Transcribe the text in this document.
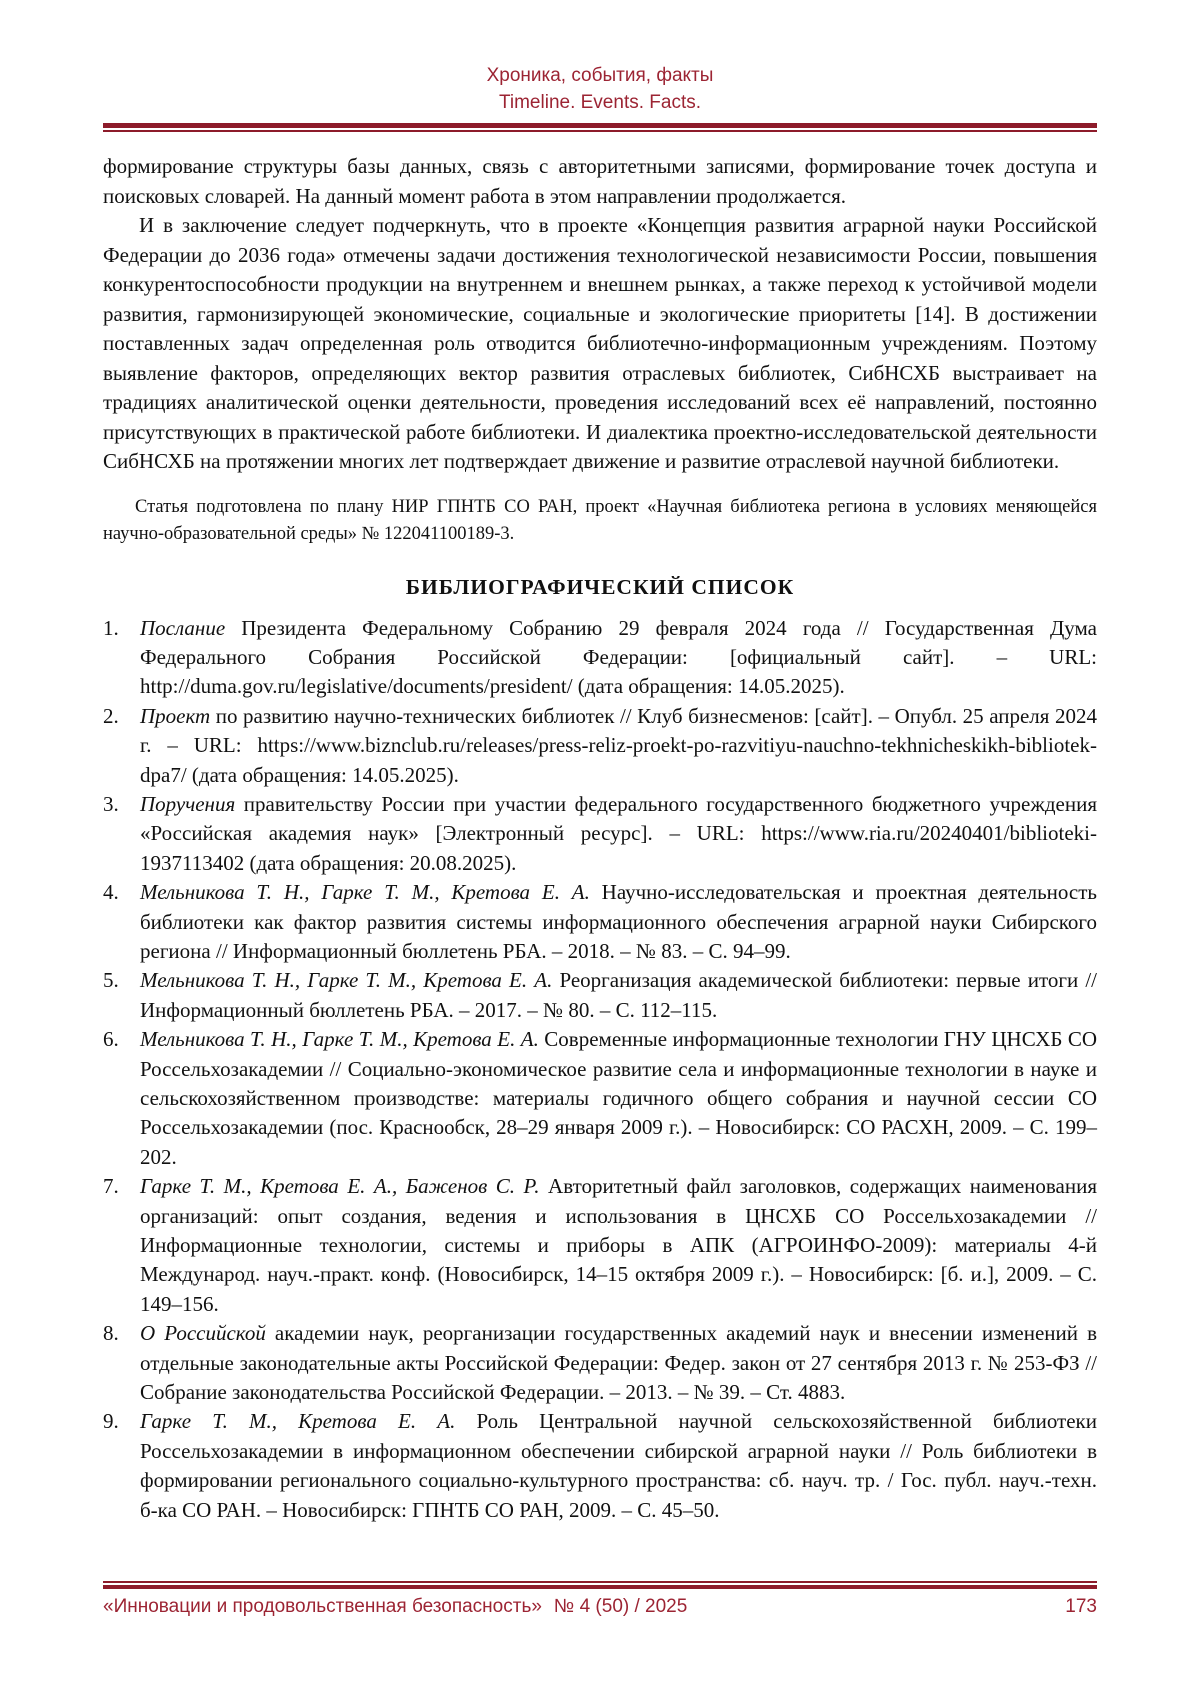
Хроника, события, факты
Timeline. Events. Facts.

формирование структуры базы данных, связь с авторитетными записями, формирование точек доступа и поисковых словарей. На данный момент работа в этом направлении продолжается.

И в заключение следует подчеркнуть, что в проекте «Концепция развития аграрной науки Российской Федерации до 2036 года» отмечены задачи достижения технологической независимости России, повышения конкурентоспособности продукции на внутреннем и внешнем рынках, а также переход к устойчивой модели развития, гармонизирующей экономические, социальные и экологические приоритеты [14]. В достижении поставленных задач определенная роль отводится библиотечно-информационным учреждениям. Поэтому выявление факторов, определяющих вектор развития отраслевых библиотек, СибНСХБ выстраивает на традициях аналитической оценки деятельности, проведения исследований всех её направлений, постоянно присутствующих в практической работе библиотеки. И диалектика проектно-исследовательской деятельности СибНСХБ на протяжении многих лет подтверждает движение и развитие отраслевой научной библиотеки.

Статья подготовлена по плану НИР ГПНТБ СО РАН, проект «Научная библиотека региона в условиях меняющейся научно-образовательной среды» № 122041100189-3.

БИБЛИОГРАФИЧЕСКИЙ СПИСОК
1.	Послание Президента Федеральному Собранию 29 февраля 2024 года // Государственная Дума Федерального Собрания Российской Федерации: [официальный сайт]. – URL: http://duma.gov.ru/legislative/documents/president/ (дата обращения: 14.05.2025).
2.	Проект по развитию научно-технических библиотек // Клуб бизнесменов: [сайт]. – Опубл. 25 апреля 2024 г. – URL: https://www.biznclub.ru/releases/press-reliz-proekt-po-razvitiyu-nauchno-tekhnicheskikh-bibliotek-dpa7/ (дата обращения: 14.05.2025).
3.	Поручения правительству России при участии федерального государственного бюджетного учреждения «Российская академия наук» [Электронный ресурс]. – URL: https://www.ria.ru/20240401/biblioteki-1937113402 (дата обращения: 20.08.2025).
4.	Мельникова Т. Н., Гарке Т. М., Кретова Е. А. Научно-исследовательская и проектная деятельность библиотеки как фактор развития системы информационного обеспечения аграрной науки Сибирского региона // Информационный бюллетень РБА. – 2018. – № 83. – С. 94–99.
5.	Мельникова Т. Н., Гарке Т. М., Кретова Е. А. Реорганизация академической библиотеки: первые итоги // Информационный бюллетень РБА. – 2017. – № 80. – С. 112–115.
6.	Мельникова Т. Н., Гарке Т. М., Кретова Е. А. Современные информационные технологии ГНУ ЦНСХБ СО Россельхозакадемии // Социально-экономическое развитие села и информационные технологии в науке и сельскохозяйственном производстве: материалы годичного общего собрания и научной сессии СО Россельхозакадемии (пос. Краснообск, 28–29 января 2009 г.). – Новосибирск: СО РАСХН, 2009. – С. 199–202.
7.	Гарке Т. М., Кретова Е. А., Баженов С. Р. Авторитетный файл заголовков, содержащих наименования организаций: опыт создания, ведения и использования в ЦНСХБ СО Россельхозакадемии // Информационные технологии, системы и приборы в АПК (АГРОИНФО-2009): материалы 4-й Международ. науч.-практ. конф. (Новосибирск, 14–15 октября 2009 г.). – Новосибирск: [б. и.], 2009. – С. 149–156.
8.	О Российской академии наук, реорганизации государственных академий наук и внесении изменений в отдельные законодательные акты Российской Федерации: Федер. закон от 27 сентября 2013 г. № 253-ФЗ // Собрание законодательства Российской Федерации. – 2013. – № 39. – Ст. 4883.
9.	Гарке Т. М., Кретова Е. А. Роль Центральной научной сельскохозяйственной библиотеки Россельхозакадемии в информационном обеспечении сибирской аграрной науки // Роль библиотеки в формировании регионального социально-культурного пространства: сб. науч. тр. / Гос. публ. науч.-техн. б-ка СО РАН. – Новосибирск: ГПНТБ СО РАН, 2009. – С. 45–50.
«Инновации и продовольственная безопасность» № 4 (50) / 2025	173
